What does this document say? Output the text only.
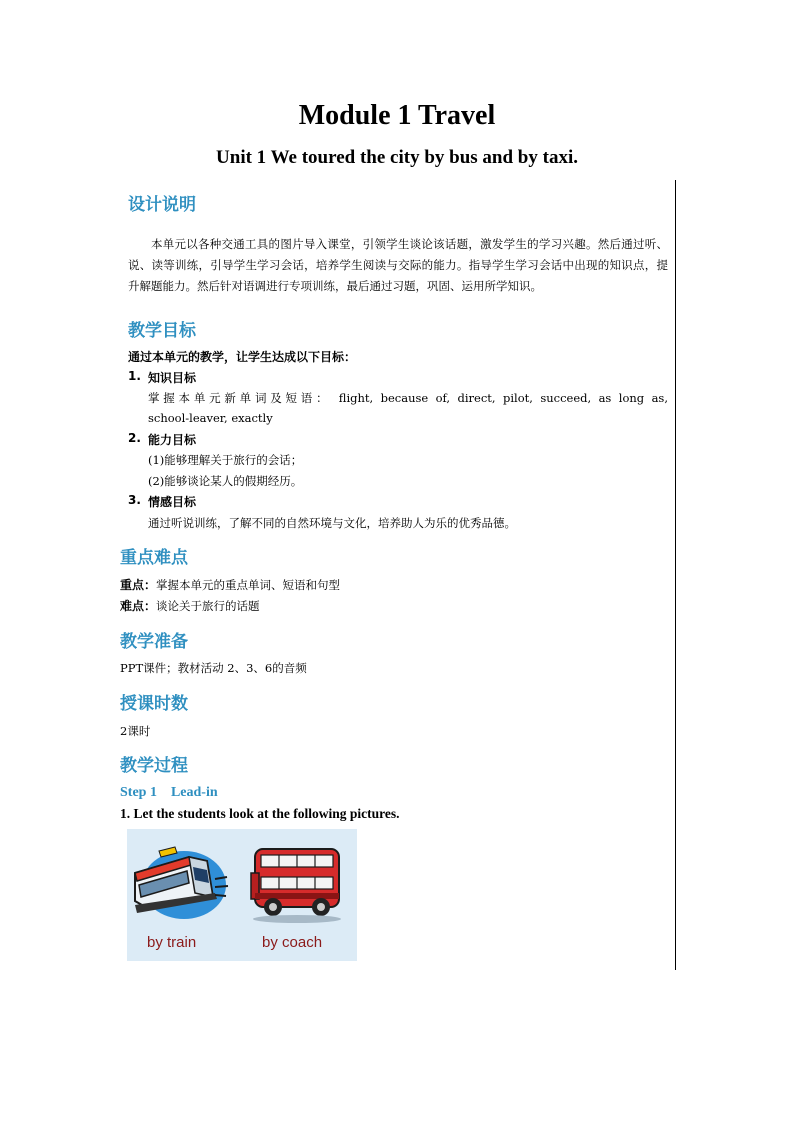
Module 1 Travel
Unit 1 We toured the city by bus and by taxi.
设计说明

本单元以各种交通工具的图片导入课堂，引领学生谈论该话题，激发学生的学习兴趣。然后通过听、说、读等训练，引导学生学习会话，培养学生阅读与交际的能力。指导学生学习会话中出现的知识点，提升解题能力。然后针对语调进行专项训练，最后通过习题，巩固、运用所学知识。

教学目标
通过本单元的教学，让学生达成以下目标：
1. 知识目标
掌握本单元新单词及短语： flight, because of, direct, pilot, succeed, as long as,
school-leaver, exactly
2. 能力目标
(1)能够理解关于旅行的会话；
(2)能够谈论某人的假期经历。
3. 情感目标
通过听说训练，了解不同的自然环境与文化，培养助人为乐的优秀品德。
重点难点
重点：掌握本单元的重点单词、短语和句型
难点：谈论关于旅行的话题
教学准备
PPT课件；教材活动 2、3、6的音频
授课时数
2课时
教学过程
Step 1    Lead-in
1. Let the students look at the following pictures.
by train	by coach
